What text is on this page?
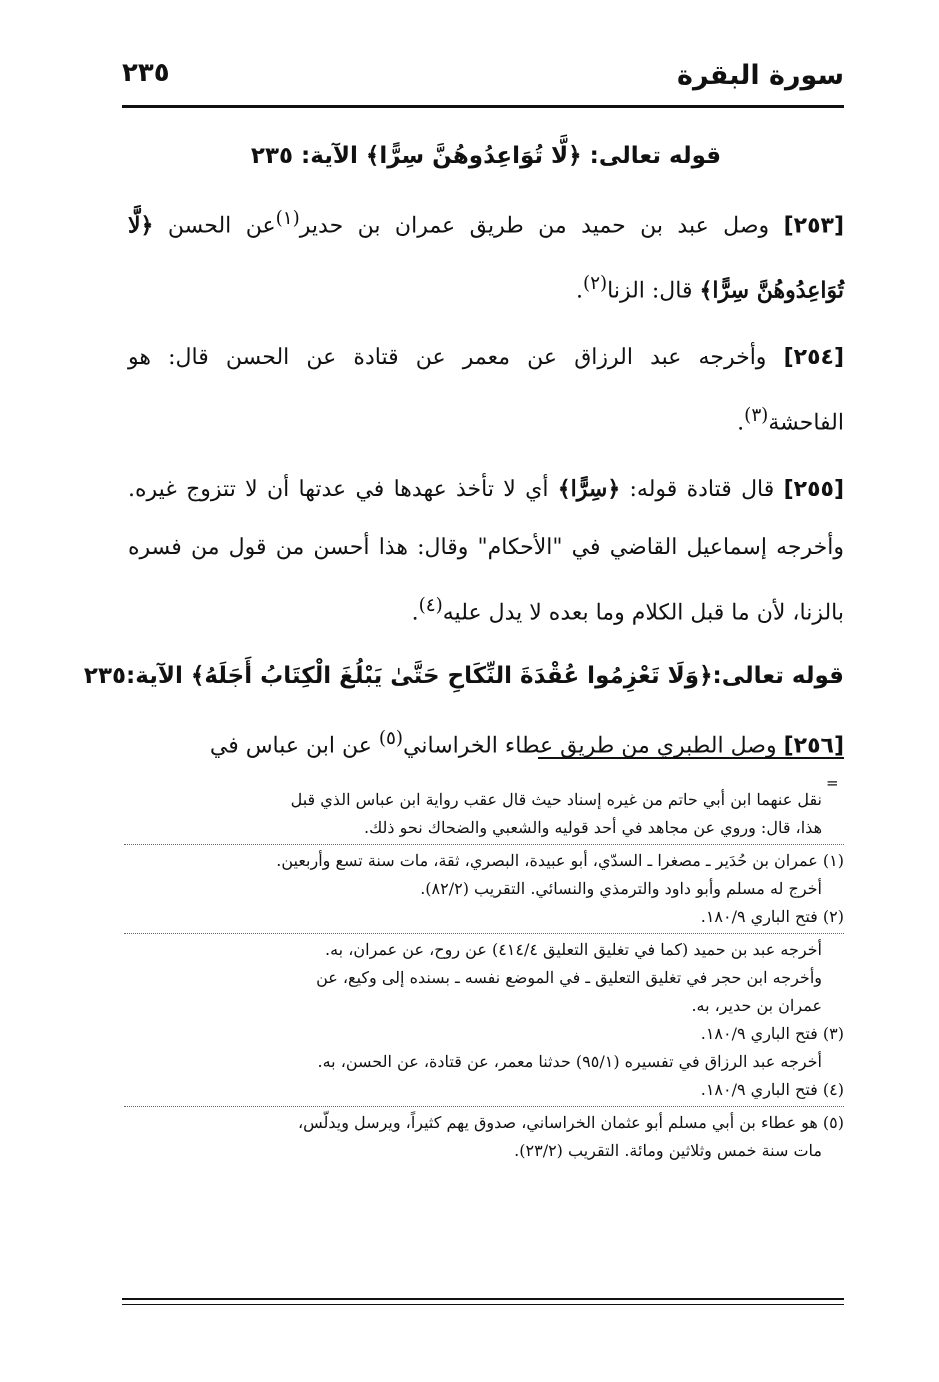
سورة البقرة
٢٣٥

قوله تعالى: ﴿لَّا تُوَاعِدُوهُنَّ سِرًّا﴾ الآية: ٢٣٥

[٢٥٣] وصل عبد بن حميد من طريق عمران بن حدير$^{(١)}$عن الحسن ﴿لَّا تُوَاعِدُوهُنَّ سِرًّا﴾ قال: الزنا$^{(٢)}$.

[٢٥٤] وأخرجه عبد الرزاق عن معمر عن قتادة عن الحسن قال: هو الفاحشة$^{(٣)}$.

[٢٥٥] قال قتادة قوله: ﴿سِرًّا﴾ أي لا تأخذ عهدها في عدتها أن لا تتزوج غيره. وأخرجه إسماعيل القاضي في "الأحكام" وقال: هذا أحسن من قول من فسره بالزنا، لأن ما قبل الكلام وما بعده لا يدل عليه$^{(٤)}$.

قوله تعالى:﴿وَلَا تَعْزِمُوا عُقْدَةَ النِّكَاحِ حَتَّىٰ يَبْلُغَ الْكِتَابُ أَجَلَهُ﴾ الآية:٢٣٥

[٢٥٦] وصل الطبري من طريق عطاء الخراساني$^{(٥)}$ عن ابن عباس في

=

نقل عنهما ابن أبي حاتم من غيره إسناد حيث قال عقب رواية ابن عباس الذي قبل

هذا، قال: وروي عن مجاهد في أحد قوليه والشعبي والضحاك نحو ذلك.

(١) عمران بن حُدَير ـ مصغرا ـ السدّي، أبو عبيدة، البصري، ثقة، مات سنة تسع وأربعين.

أخرج له مسلم وأبو داود والترمذي والنسائي. التقريب (٨٢/٢).

(٢) فتح الباري ١٨٠/٩.

أخرجه عبد بن حميد (كما في تغليق التعليق ٤١٤/٤) عن روح، عن عمران، به.

وأخرجه ابن حجر في تغليق التعليق ـ في الموضع نفسه ـ بسنده إلى وكيع، عن

عمران بن حدير، به.

(٣) فتح الباري ١٨٠/٩.

أخرجه عبد الرزاق في تفسيره (٩٥/١) حدثنا معمر، عن قتادة، عن الحسن، به.

(٤) فتح الباري ١٨٠/٩.

(٥) هو عطاء بن أبي مسلم أبو عثمان الخراساني، صدوق يهم كثيراً، ويرسل ويدلّس،

مات سنة خمس وثلاثين ومائة. التقريب (٢٣/٢).
